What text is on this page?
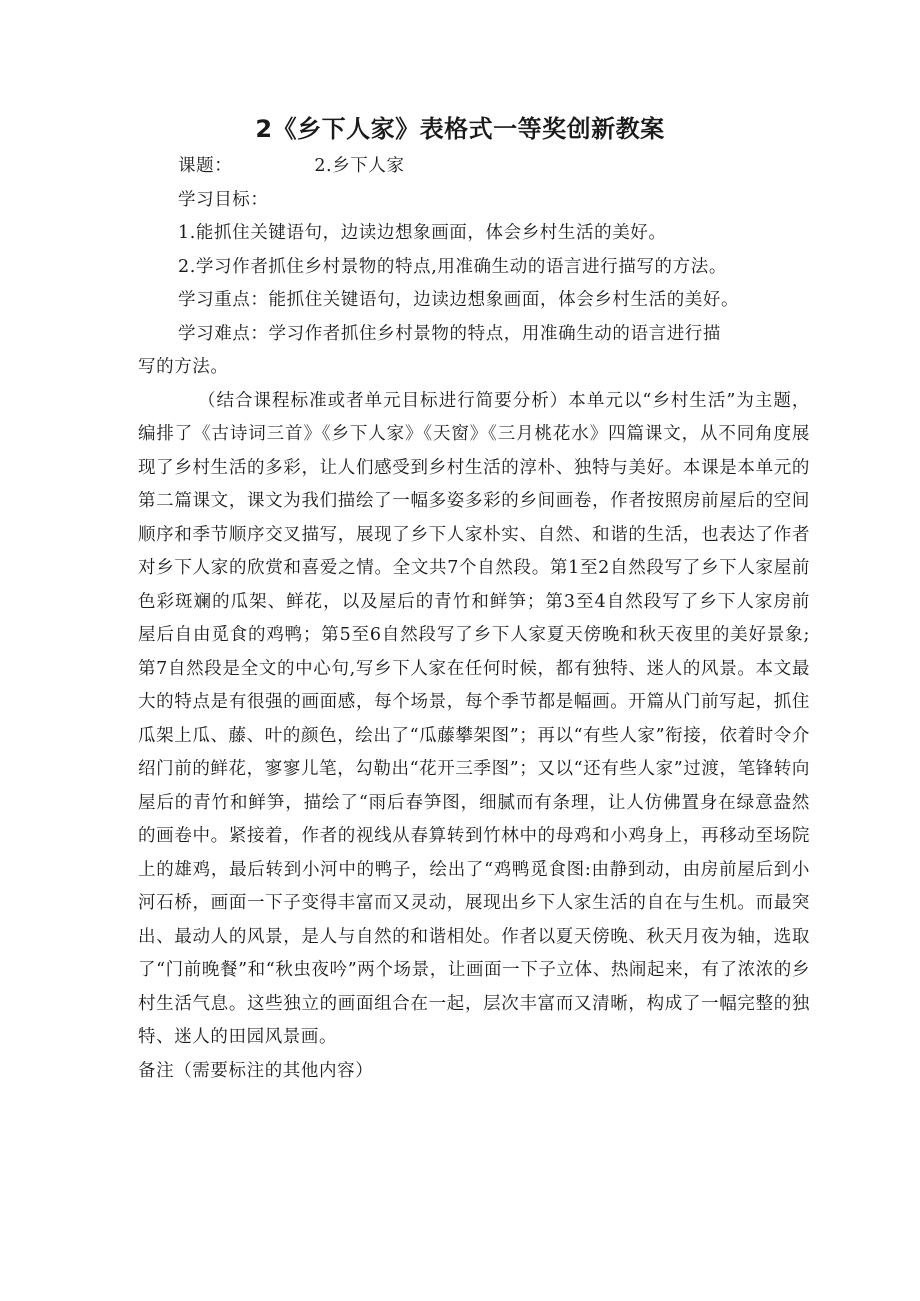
2《乡下人家》表格式一等奖创新教案

课题：	2.乡下人家

学习目标：

1.能抓住关键语句，边读边想象画面，体会乡村生活的美好。

2.学习作者抓住乡村景物的特点,用准确生动的语言进行描写的方法。

学习重点：能抓住关键语句，边读边想象画面，体会乡村生活的美好。

学习难点：学习作者抓住乡村景物的特点，用准确生动的语言进行描

写的方法。

（结合课程标准或者单元目标进行简要分析）本单元以“乡村生活”为主题，编排了《古诗词三首》《乡下人家》《天窗》《三月桃花水》四篇课文，从不同角度展现了乡村生活的多彩，让人们感受到乡村生活的淳朴、独特与美好。本课是本单元的第二篇课文，课文为我们描绘了一幅多姿多彩的乡间画卷，作者按照房前屋后的空间顺序和季节顺序交叉描写，展现了乡下人家朴实、自然、和谐的生活，也表达了作者对乡下人家的欣赏和喜爱之情。全文共7个自然段。第1至2自然段写了乡下人家屋前色彩斑斓的瓜架、鲜花，以及屋后的青竹和鲜笋；第3至4自然段写了乡下人家房前屋后自由觅食的鸡鸭；第5至6自然段写了乡下人家夏天傍晚和秋天夜里的美好景象;第7自然段是全文的中心句,写乡下人家在任何时候，都有独特、迷人的风景。本文最大的特点是有很强的画面感，每个场景，每个季节都是幅画。开篇从门前写起，抓住瓜架上瓜、藤、叶的颜色，绘出了“瓜藤攀架图”；再以“有些人家”衔接，依着时令介绍门前的鲜花，寥寥儿笔，勾勒出“花开三季图”；又以“还有些人家”过渡，笔锋转向屋后的青竹和鲜笋，描绘了“雨后春笋图，细腻而有条理，让人仿佛置身在绿意盎然的画卷中。紧接着，作者的视线从春算转到竹林中的母鸡和小鸡身上，再移动至场院上的雄鸡，最后转到小河中的鸭子，绘出了“鸡鸭觅食图:由静到动，由房前屋后到小河石桥，画面一下子变得丰富而又灵动，展现出乡下人家生活的自在与生机。而最突出、最动人的风景，是人与自然的和谐相处。作者以夏天傍晚、秋天月夜为轴，选取了“门前晚餐”和“秋虫夜吟”两个场景，让画面一下子立体、热闹起来，有了浓浓的乡村生活气息。这些独立的画面组合在一起，层次丰富而又清晰，构成了一幅完整的独特、迷人的田园风景画。

备注（需要标注的其他内容）
